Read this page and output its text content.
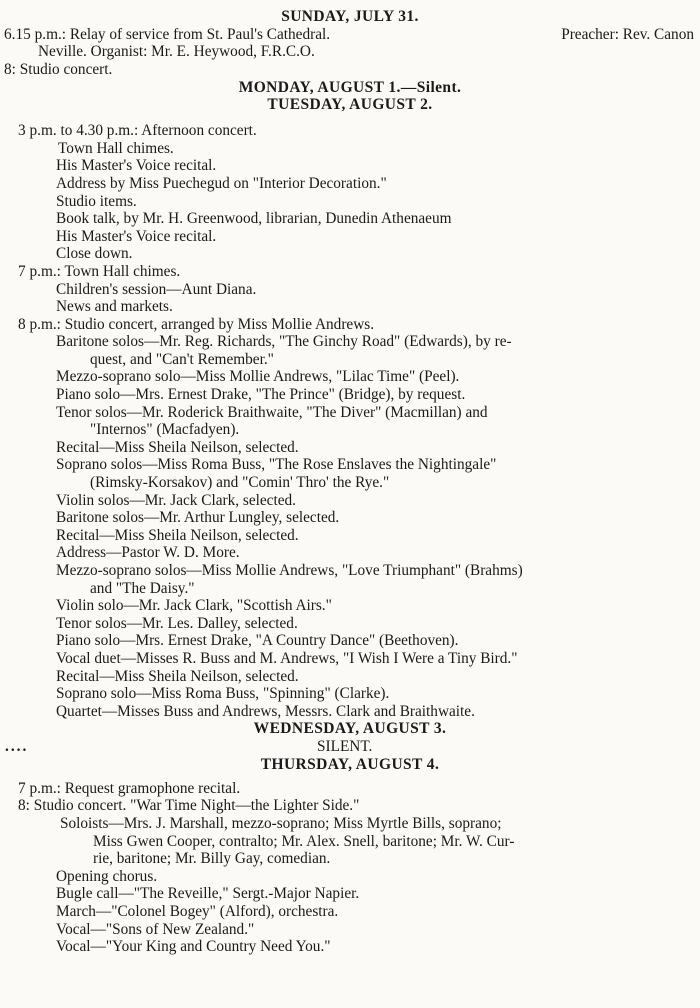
SUNDAY, JULY 31.
6.15 p.m.: Relay of service from St. Paul's Cathedral.	Preacher: Rev. Canon
Neville. Organist: Mr. E. Heywood, F.R.C.O.
8: Studio concert.
MONDAY, AUGUST 1.—Silent.
TUESDAY, AUGUST 2.
3 p.m. to 4.30 p.m.: Afternoon concert.
Town Hall chimes.
His Master's Voice recital.
Address by Miss Puechegud on "Interior Decoration."
Studio items.
Book talk, by Mr. H. Greenwood, librarian, Dunedin Athenaeum
His Master's Voice recital.
Close down.
7 p.m.: Town Hall chimes.
Children's session—Aunt Diana.
News and markets.
8 p.m.: Studio concert, arranged by Miss Mollie Andrews.
Baritone solos—Mr. Reg. Richards, "The Ginchy Road" (Edwards), by re-
quest, and "Can't Remember."
Mezzo-soprano solo—Miss Mollie Andrews, "Lilac Time" (Peel).
Piano solo—Mrs. Ernest Drake, "The Prince" (Bridge), by request.
Tenor solos—Mr. Roderick Braithwaite, "The Diver" (Macmillan) and
"Internos" (Macfadyen).
Recital—Miss Sheila Neilson, selected.
Soprano solos—Miss Roma Buss, "The Rose Enslaves the Nightingale"
(Rimsky-Korsakov) and "Comin' Thro' the Rye."
Violin solos—Mr. Jack Clark, selected.
Baritone solos—Mr. Arthur Lungley, selected.
Recital—Miss Sheila Neilson, selected.
Address—Pastor W. D. More.
Mezzo-soprano solos—Miss Mollie Andrews, "Love Triumphant" (Brahms)
and "The Daisy."
Violin solo—Mr. Jack Clark, "Scottish Airs."
Tenor solos—Mr. Les. Dalley, selected.
Piano solo—Mrs. Ernest Drake, "A Country Dance" (Beethoven).
Vocal duet—Misses R. Buss and M. Andrews, "I Wish I Were a Tiny Bird."
Recital—Miss Sheila Neilson, selected.
Soprano solo—Miss Roma Buss, "Spinning" (Clarke).
Quartet—Misses Buss and Andrews, Messrs. Clark and Braithwaite.
WEDNESDAY, AUGUST 3.
....	SILENT.
THURSDAY, AUGUST 4.
7 p.m.: Request gramophone recital.
8: Studio concert. "War Time Night—the Lighter Side."
Soloists—Mrs. J. Marshall, mezzo-soprano; Miss Myrtle Bills, soprano;
Miss Gwen Cooper, contralto; Mr. Alex. Snell, baritone; Mr. W. Cur-
rie, baritone; Mr. Billy Gay, comedian.
Opening chorus.
Bugle call—"The Reveille," Sergt.-Major Napier.
March—"Colonel Bogey" (Alford), orchestra.
Vocal—"Sons of New Zealand."
Vocal—"Your King and Country Need You."
